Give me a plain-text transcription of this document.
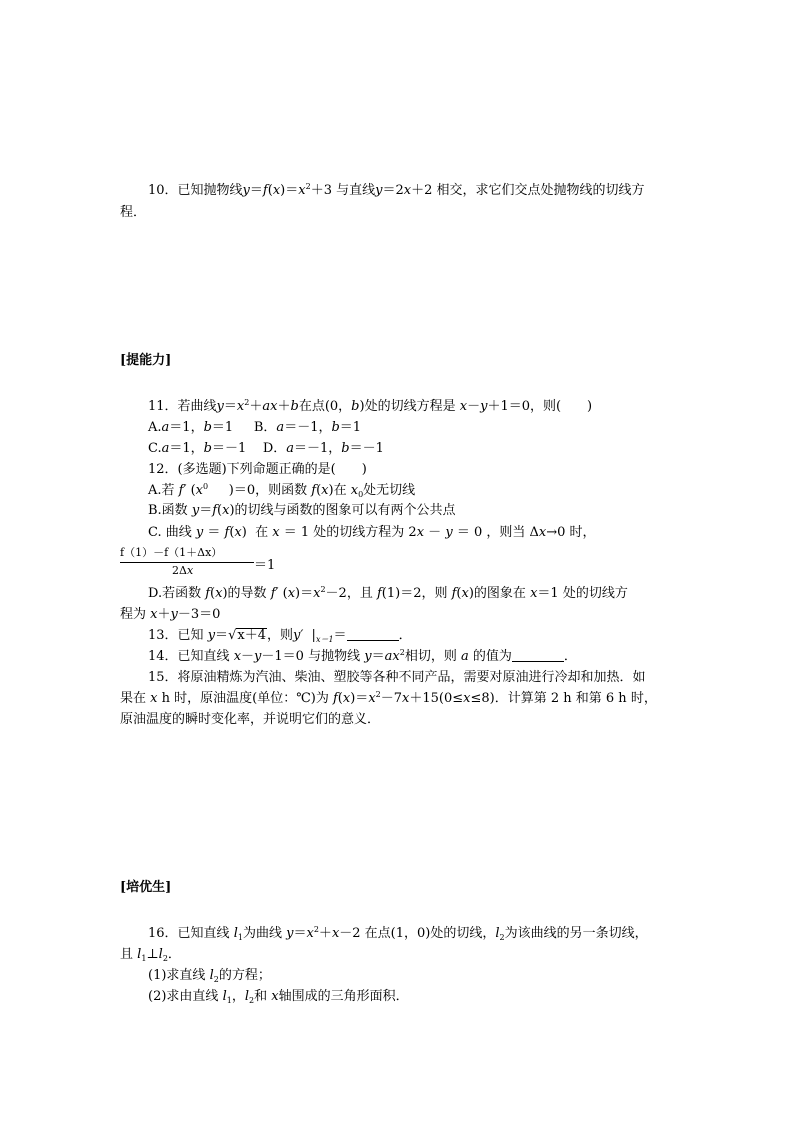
10．已知抛物线$y=f(x)=x^2+3$ 与直线y＝2x＋2 相交，求它们交点处抛物线的切线方
程．
[提能力]
11．若曲线$y=x^2+ax+b$在点(0，b)处的切线方程是 x－y＋1＝0，则(　　)
A.a＝1，b＝1 B．a＝－1，b＝1
C.a＝1，b＝－1 D．a＝－1，b＝－1
12．(多选题)下列命题正确的是(　　)
A.若 f′ ($x^0$ )＝0，则函数 f(x)在 $x_0$处无切线
B.函数 y＝f(x)的切线与函数的图象可以有两个公共点
C. 曲线 y ＝ f(x)  在 x ＝ 1 处的切线方程为 2x － y ＝ 0 ，则当 Δx→0 时，
f（1）－f（1＋Δx）
2Δx	＝1
D.若函数 f(x)的导数 f′ $(x)=x^2-2$，且 f(1)＝2，则 f(x)的图象在 x＝1 处的切线方
程为 x＋y－3＝0
13．已知 y＝√x＋4，则y′ $|_{x=1}=$	．
14．已知直线 x－y－1＝0 与抛物线 $y=ax^2$相切，则 a 的值为	．
15．将原油精炼为汽油、柴油、塑胶等各种不同产品，需要对原油进行冷却和加热．如
果在 x h 时，原油温度(单位：℃)为 $f(x)=x^2-7x+15(0\le x\le 8)$．计算第 2 h 和第 6 h 时，
原油温度的瞬时变化率，并说明它们的意义．
[培优生]
16．已知直线 $l_1$为曲线 $y=x^2+x-2$ 在点(1，0)处的切线，$l_2$为该曲线的另一条切线，
且 $l_1\perp l_2$．
(1)求直线 $l_2$的方程；
(2)求由直线 $l_1$，$l_2$和 x轴围成的三角形面积．
